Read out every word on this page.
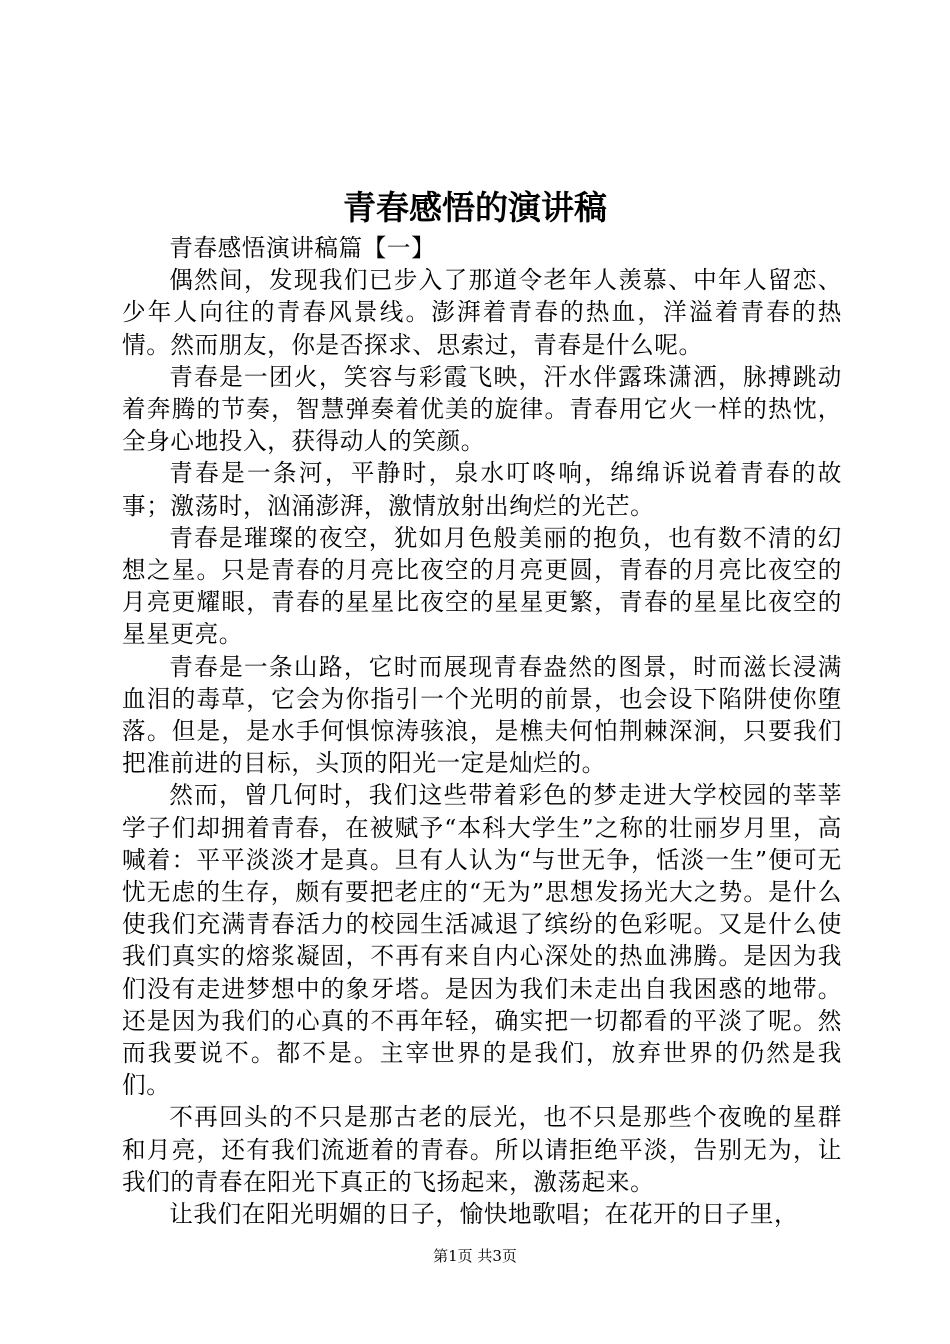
青春感悟的演讲稿

青春感悟演讲稿篇【一】

偶然间，发现我们已步入了那道令老年人羡慕、中年人留恋、少年人向往的青春风景线。澎湃着青春的热血，洋溢着青春的热情。然而朋友，你是否探求、思索过，青春是什么呢。

青春是一团火，笑容与彩霞飞映，汗水伴露珠潇洒，脉搏跳动着奔腾的节奏，智慧弹奏着优美的旋律。青春用它火一样的热忱，全身心地投入，获得动人的笑颜。

青春是一条河，平静时，泉水叮咚响，绵绵诉说着青春的故事；激荡时，汹涌澎湃，激情放射出绚烂的光芒。

青春是璀璨的夜空，犹如月色般美丽的抱负，也有数不清的幻想之星。只是青春的月亮比夜空的月亮更圆，青春的月亮比夜空的月亮更耀眼，青春的星星比夜空的星星更繁，青春的星星比夜空的星星更亮。

青春是一条山路，它时而展现青春盎然的图景，时而滋长浸满血泪的毒草，它会为你指引一个光明的前景，也会设下陷阱使你堕落。但是，是水手何惧惊涛骇浪，是樵夫何怕荆棘深涧，只要我们把准前进的目标，头顶的阳光一定是灿烂的。

然而，曾几何时，我们这些带着彩色的梦走进大学校园的莘莘学子们却拥着青春，在被赋予“本科大学生”之称的壮丽岁月里，高喊着：平平淡淡才是真。旦有人认为“与世无争，恬淡一生”便可无忧无虑的生存，颇有要把老庄的“无为”思想发扬光大之势。是什么使我们充满青春活力的校园生活减退了缤纷的色彩呢。又是什么使我们真实的熔浆凝固，不再有来自内心深处的热血沸腾。是因为我们没有走进梦想中的象牙塔。是因为我们未走出自我困惑的地带。还是因为我们的心真的不再年轻，确实把一切都看的平淡了呢。然而我要说不。都不是。主宰世界的是我们，放弃世界的仍然是我们。

不再回头的不只是那古老的辰光，也不只是那些个夜晚的星群和月亮，还有我们流逝着的青春。所以请拒绝平淡，告别无为，让我们的青春在阳光下真正的飞扬起来，激荡起来。

让我们在阳光明媚的日子，愉快地歌唱；在花开的日子里，

第1页 共3页
